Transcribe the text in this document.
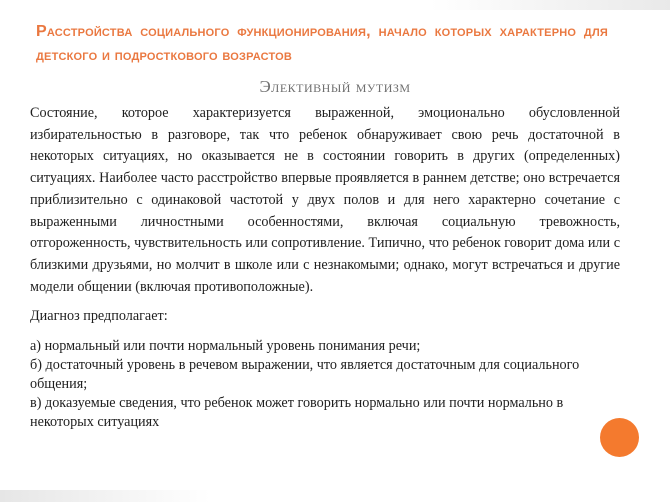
Расстройства социального функционирования, начало которых характерно для детского и подросткового возрастов
Элективный мутизм

Состояние, которое характеризуется выраженной, эмоционально обусловленной избирательностью в разговоре, так что ребенок обнаруживает свою речь достаточной в некоторых ситуациях, но оказывается не в состоянии говорить в других (определенных) ситуациях. Наиболее часто расстройство впервые проявляется в раннем детстве; оно встречается приблизительно с одинаковой частотой у двух полов и для него характерно сочетание с выраженными личностными особенностями, включая социальную тревожность, отгороженность, чувствительность или сопротивление. Типично, что ребенок говорит дома или с близкими друзьями, но молчит в школе или с незнакомыми; однако, могут встречаться и другие модели общении (включая противоположные).

Диагноз предполагает:

а) нормальный или почти нормальный уровень понимания речи;
б) достаточный уровень в речевом выражении, что является достаточным для социального общения;
в) доказуемые сведения, что ребенок может говорить нормально или почти нормально в некоторых ситуациях
